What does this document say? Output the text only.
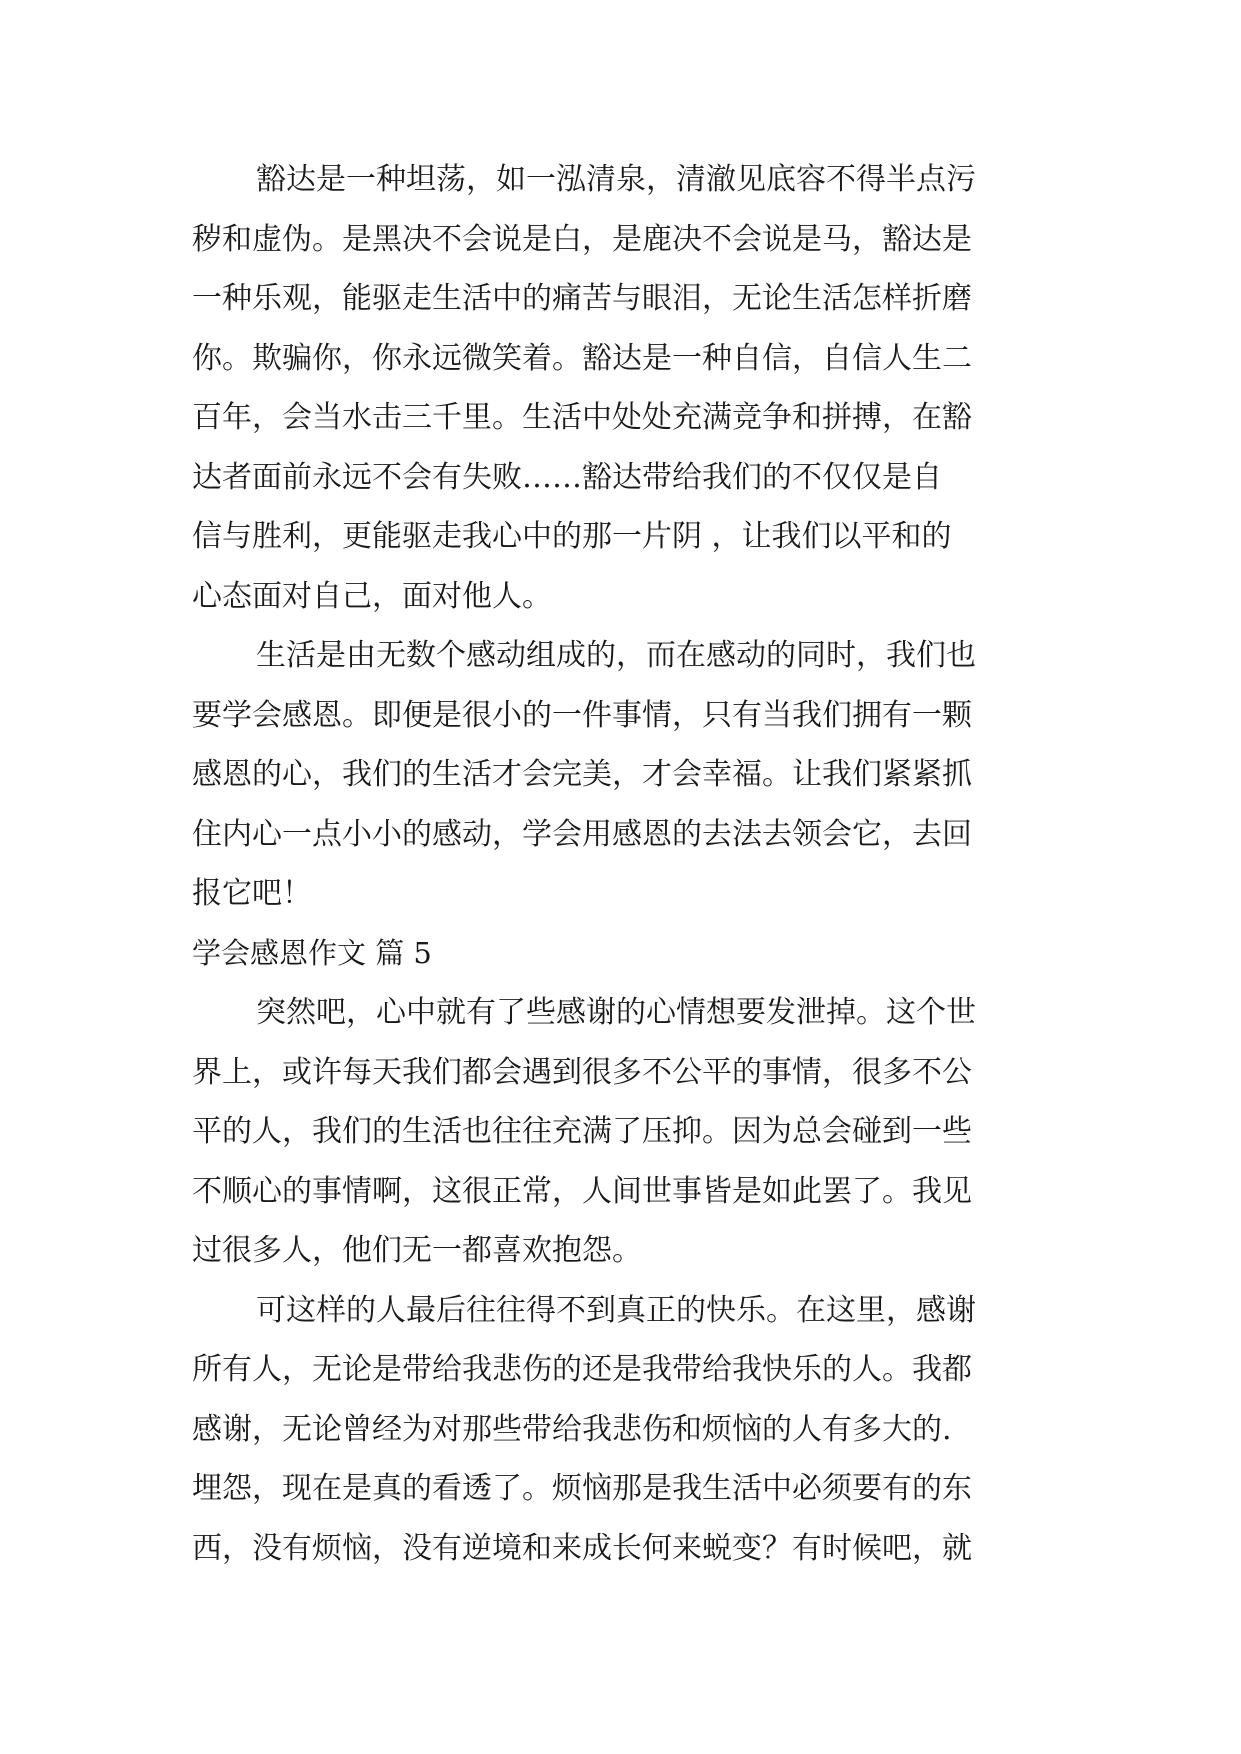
豁达是一种坦荡，如一泓清泉，清澈见底容不得半点污
秽和虚伪。是黑决不会说是白，是鹿决不会说是马，豁达是
一种乐观，能驱走生活中的痛苦与眼泪，无论生活怎样折磨
你。欺骗你，你永远微笑着。豁达是一种自信，自信人生二
百年，会当水击三千里。生活中处处充满竞争和拼搏，在豁
达者面前永远不会有失败……豁达带给我们的不仅仅是自
信与胜利，更能驱走我心中的那一片阴 ，让我们以平和的
心态面对自己，面对他人。
生活是由无数个感动组成的，而在感动的同时，我们也
要学会感恩。即便是很小的一件事情，只有当我们拥有一颗
感恩的心，我们的生活才会完美，才会幸福。让我们紧紧抓
住内心一点小小的感动，学会用感恩的去法去领会它，去回
报它吧！
学会感恩作文 篇 5
突然吧，心中就有了些感谢的心情想要发泄掉。这个世
界上，或许每天我们都会遇到很多不公平的事情，很多不公
平的人，我们的生活也往往充满了压抑。因为总会碰到一些
不顺心的事情啊，这很正常，人间世事皆是如此罢了。我见
过很多人，他们无一都喜欢抱怨。
可这样的人最后往往得不到真正的快乐。在这里，感谢
所有人，无论是带给我悲伤的还是我带给我快乐的人。我都
感谢，无论曾经为对那些带给我悲伤和烦恼的人有多大的.
埋怨，现在是真的看透了。烦恼那是我生活中必须要有的东
西，没有烦恼，没有逆境和来成长何来蜕变？有时候吧，就
